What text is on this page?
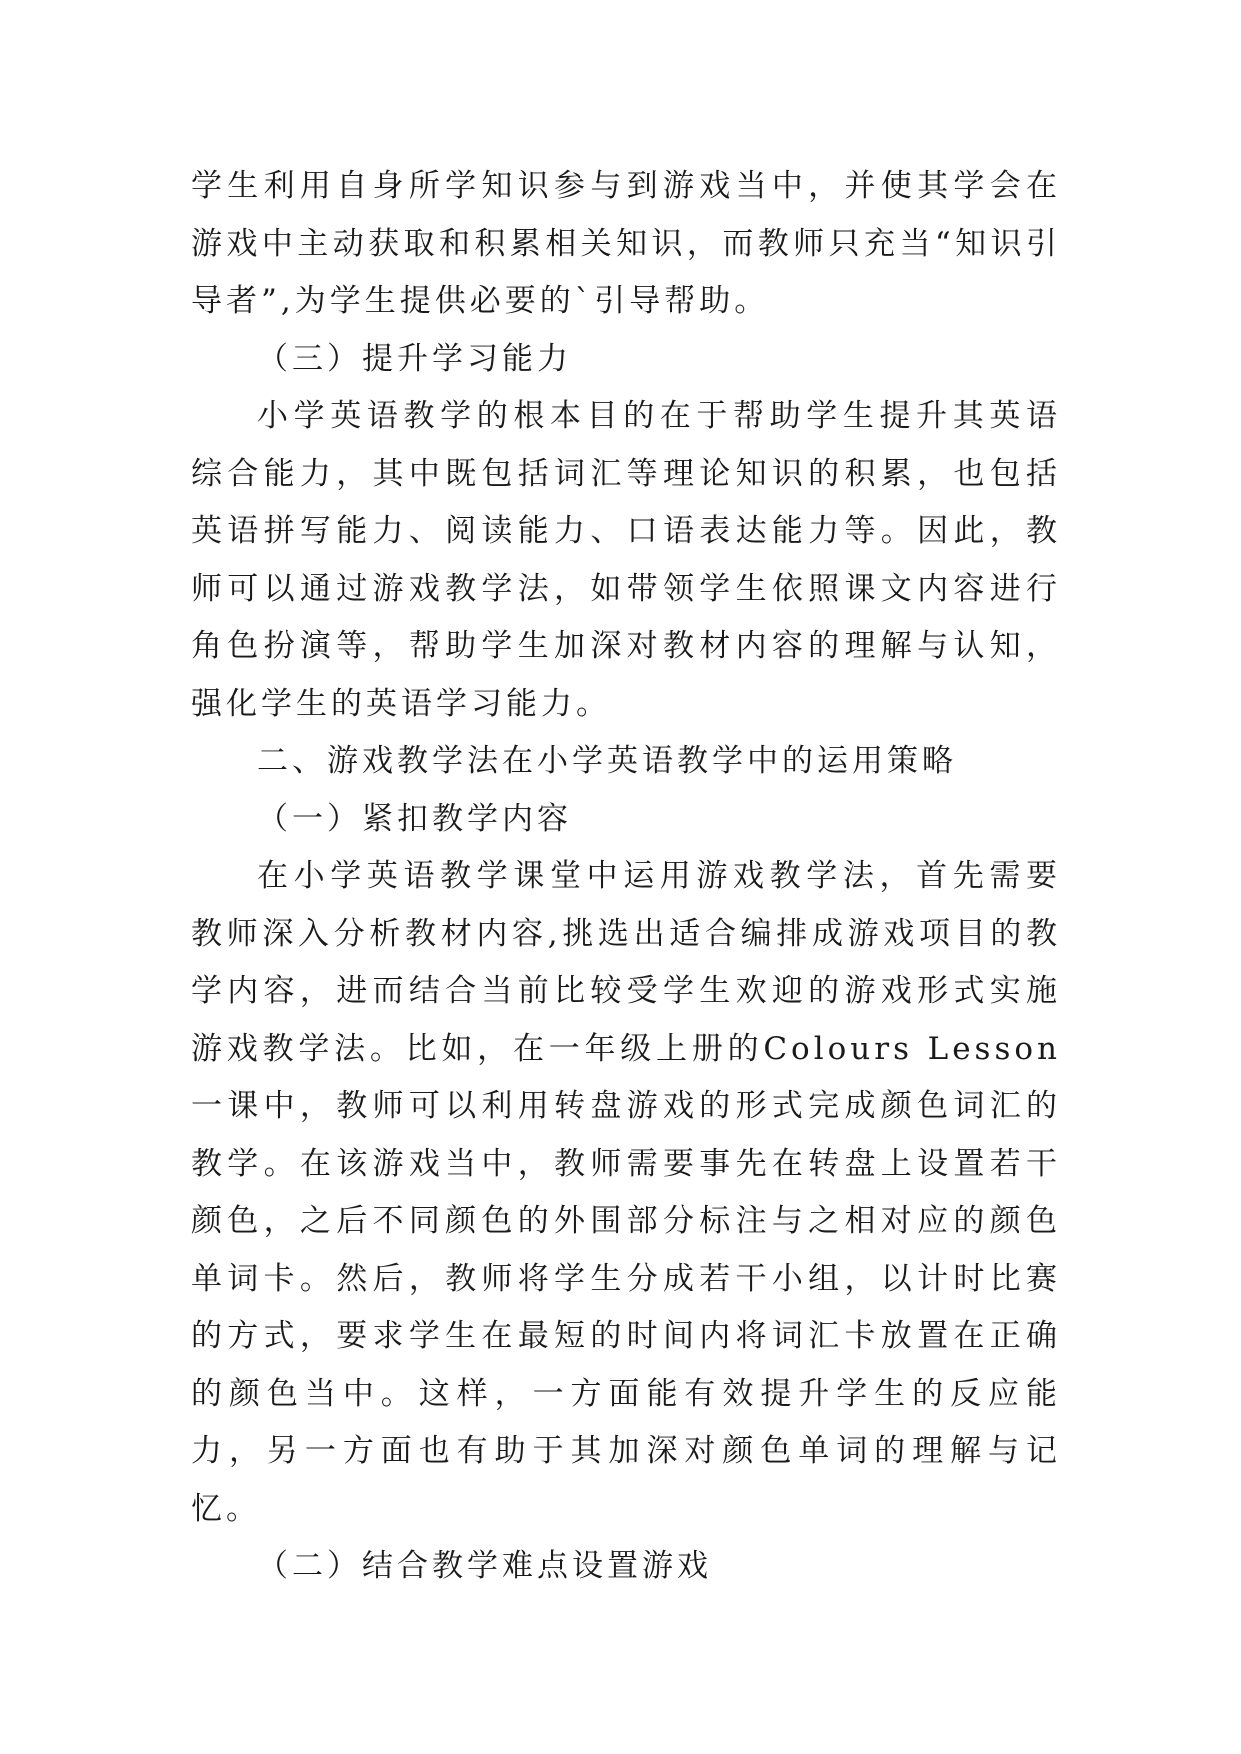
学生利用自身所学知识参与到游戏当中，并使其学会在游戏中主动获取和积累相关知识，而教师只充当“知识引导者”,为学生提供必要的`引导帮助。

（三）提升学习能力

小学英语教学的根本目的在于帮助学生提升其英语综合能力，其中既包括词汇等理论知识的积累，也包括英语拼写能力、阅读能力、口语表达能力等。因此，教师可以通过游戏教学法，如带领学生依照课文内容进行角色扮演等，帮助学生加深对教材内容的理解与认知，强化学生的英语学习能力。

二、游戏教学法在小学英语教学中的运用策略

（一）紧扣教学内容

在小学英语教学课堂中运用游戏教学法，首先需要教师深入分析教材内容,挑选出适合编排成游戏项目的教学内容，进而结合当前比较受学生欢迎的游戏形式实施游戏教学法。比如，在一年级上册的Colours Lesson 一课中，教师可以利用转盘游戏的形式完成颜色词汇的教学。在该游戏当中，教师需要事先在转盘上设置若干颜色，之后不同颜色的外围部分标注与之相对应的颜色单词卡。然后，教师将学生分成若干小组，以计时比赛的方式，要求学生在最短的时间内将词汇卡放置在正确的颜色当中。这样，一方面能有效提升学生的反应能力，另一方面也有助于其加深对颜色单词的理解与记忆。

（二）结合教学难点设置游戏
